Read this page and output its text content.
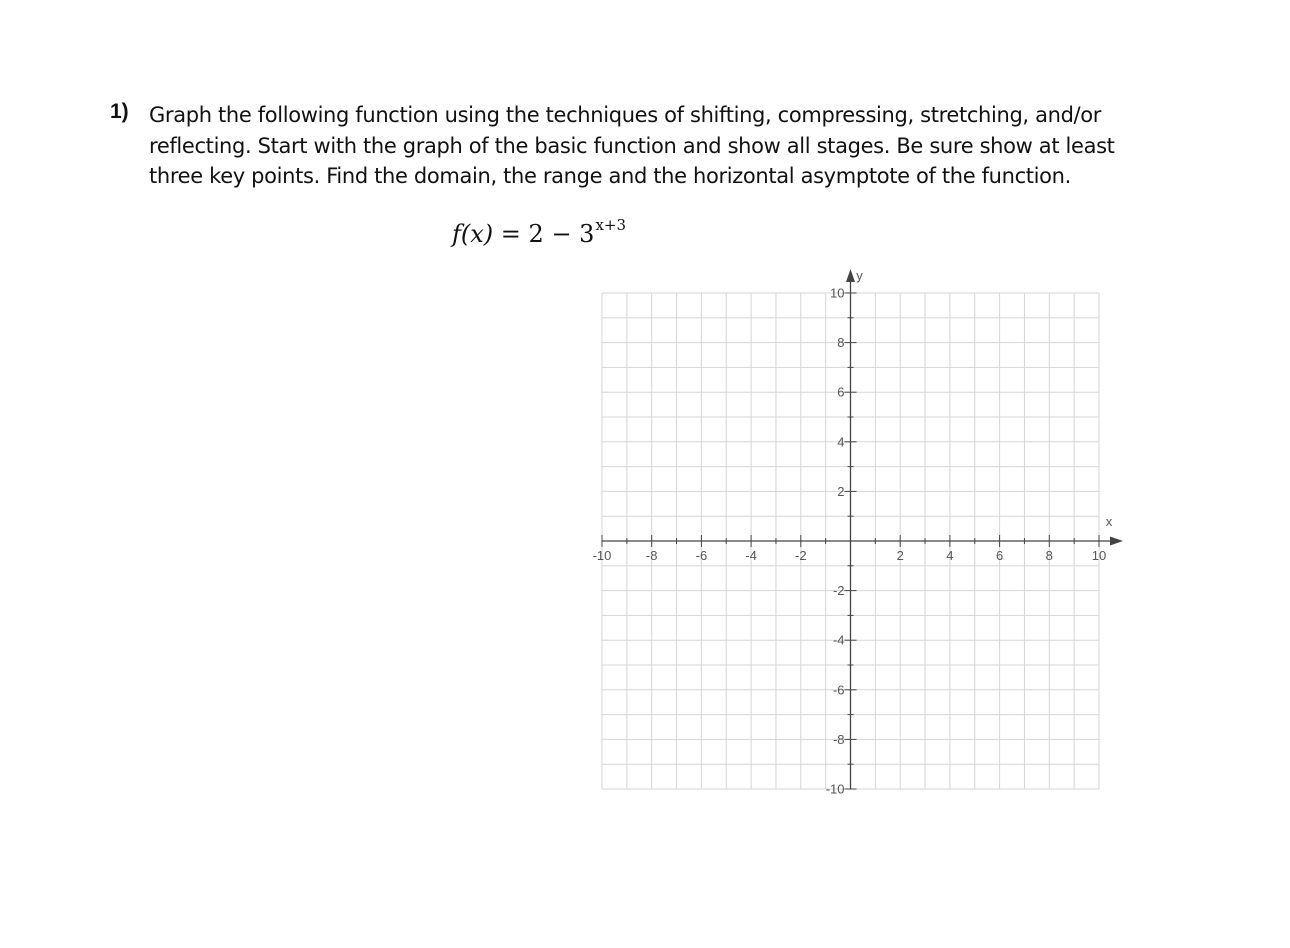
1) Graph the following function using the techniques of shifting, compressing, stretching, and/or
reflecting. Start with the graph of the basic function and show all stages. Be sure show at least
three key points. Find the domain, the range and the horizontal asymptote of the function.
$f(x) = 2 - 3^{x+3}$
-10	-8	-6	-4	-2	2	4	6	8	10
10
8
6
4
2
-2
-4
-6
-8
-10
x
y
